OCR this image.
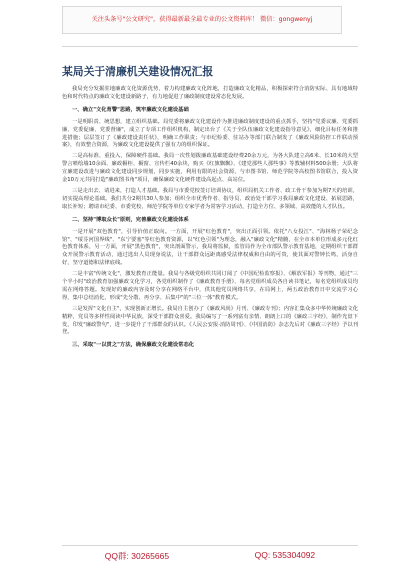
关注头条号"公文研究"，获得最新最全最专业的公文资料库！ 微信：gongwenyj
某局关于清廉机关建设情况汇报

我局充分发掘驻地廉政文化资源优势，着力构建廉政文化阵地，打造廉政文化精品，积极探索符合消防实际、具有地域特色和时代特点的廉政文化建设新路子，有力地促进了廉政制度建设常态化发展。

一、确立"文化育警"思路，筑牢廉政文化建设基础

一是明职责、统思想，建立组织基础。局党委将廉政文化建设作为推进廉政制度建设的重点抓手，坚持"党委议廉、党委抓廉、党委促廉、党委督廉"，成立了专项工作组织机构，制定出台了《关于全队伍廉政文化建设指导意见》，细化目标任务和推进措施；层层签订了《廉政建设责任状》，明确工作职责；与市纪检委、驻站办等部门联合制发了《廉政风险防控工作联动预案》，有效整合资源，为廉政文化建设提供了强有力的组织保证。

二是高标准、重投入，保障硬件基础。我局一次性划拨廉政基础建设经费20余万元，为各大队建立高6米、长10米的大型警言喷绘墙10余面、廉政橱柜、橱窗、宣传栏40余块，购买《红旗飘飘》、《建党那些人那些事》等教辅材料500余册；大队将宣廉建设改进与廉政文化建设同步规划，同步实施，利用有限的社会资源，与市图书馆、师范学院等高校图书馆联合，投入资金10万元共同打造"廉政图书角"项目，确保廉政文化硬件建设高起点、高站位。

三是走出去、请进来，打造人才基础。我局与市委党校签订培训协议，组织局机关工作者、政工骨干参加为期7天的培训，切实提高理论基础。我们共分2期共30人参加；组织全市优秀作者、指导员、政治处干部学习我局廉政文化建设、拓展思路，取长补短；聘请市纪委、市委党校、师范学院等单位专家学者为常客学习活动，打造全方位、多领域、高效能的人才队伍。

二、坚持"博取众长"原则，完善廉政文化建设体系

一是开展"双色教育"，引导价值正取向。一方面，开展"红色教育"，突出正面引领。依托"八女投江"、"海林杨子荣纪念馆"、"绥芬河国界线"、"东宁要塞"等红色教育资源，以"红色引领"为理念，融入"廉政文化"精髓，在全市本单位形成多元化红色教育体系，另一方面，开展"黑色教育"，突出剖面警示，我局将监狱，监管局作为全市部队警示教育基地，定期组织干部群众开展警示教育活动，通过选出人员现身说法，让干部群众远距离感受法律权威和自由的可贵，使其面对警钟长鸣，活身自好，坚守道德和法律底线。

二是丰富"传统文化"，激发教育正能量。我局与各级党组织共同订阅了《中国纪检监察报》、《解放军报》等刊物，通过"三个半小时"政治教育加强廉政文化学习，各党组织制作了《廉政教育手册》、每名党组织成员各自读书笔记，每名党组织成员均需在网络答题。发现好的廉政内容及时分享在网络平台中，供其他党员网络共享，在局网上，两五政治教育日中交流学习心得，集中总结消化，形成"先分散、再分享、后集中"的"三位一体"教育模式。

三是发挥"文化自主"，实现创新正增长。我局自主创办了《廉政风尚》月刊、《廉政专刊》；内容汇集众多中华传统廉政文化精粹，党员等多样性阅读中华民族，深受干部群众喜爱。我局编写了一系列富有亲情、朗朗上口的《廉政三字经》，制作光盘下发，印发"廉政警句"，进一步提升了干部群众的认识。《人民公安报·消防周刊》、《中国消防》杂志先后对《廉政三字经》予以刊登。

三、采取"一以贯之"方法，确保廉政文化建设常态化

QQ群: 30265665	QQ: 535304092
